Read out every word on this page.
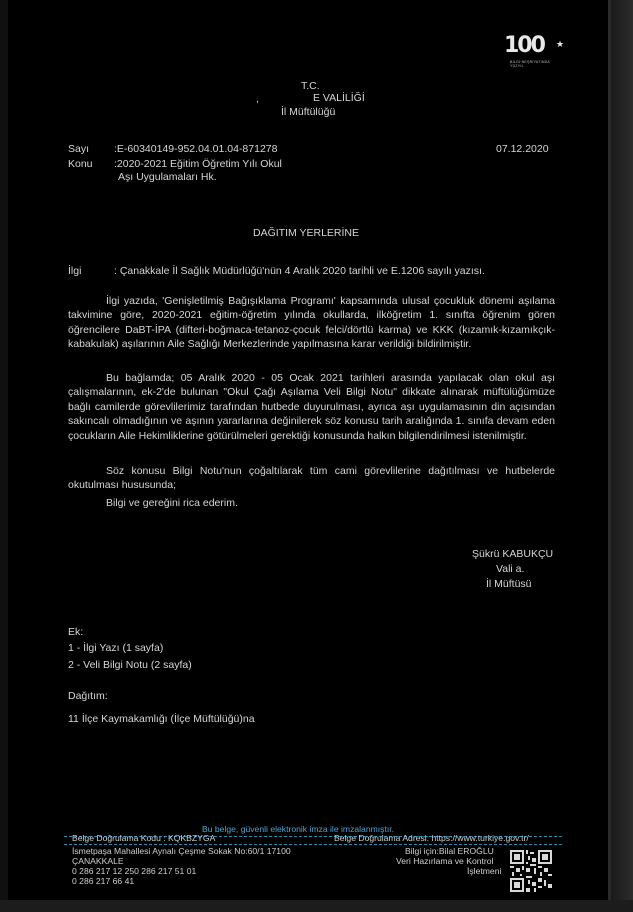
100 ★
BİLGİ·NEŞRİYATINDA YÜZYIL
T.C.
,	E VALİLİĞİ
İl Müftülüğü
Sayı :E-60340149-952.04.01.04-871278	07.12.2020
Konu :2020-2021 Eğitim Öğretim Yılı Okul
Aşı Uygulamaları Hk.
DAĞITIM YERLERİNE
İlgi	: Çanakkale İl Sağlık Müdürlüğü'nün 4 Aralık 2020 tarihli ve E.1206 sayılı yazısı.
İlgi yazıda, 'Genişletilmiş Bağışıklama Programı' kapsamında ulusal çocukluk dönemi aşılama takvimine göre, 2020-2021 eğitim-öğretim yılında okullarda, ilköğretim 1. sınıfta öğrenim gören öğrencilere DaBT-İPA (difteri-boğmaca-tetanoz-çocuk felci/dörtlü karma) ve KKK (kızamık-kızamıkçık-kabakulak) aşılarının Aile Sağlığı Merkezlerinde yapılmasına karar verildiği bildirilmiştir.
Bu bağlamda; 05 Aralık 2020 - 05 Ocak 2021 tarihleri arasında yapılacak olan okul aşı çalışmalarının, ek-2'de bulunan "Okul Çağı Aşılama Veli Bilgi Notu" dikkate alınarak müftülüğümüze bağlı camilerde görevlilerimiz tarafından hutbede duyurulması, ayrıca aşı uygulamasının din açısından sakıncalı olmadığının ve aşının yararlarına değinilerek söz konusu tarih aralığında 1. sınıfa devam eden çocukların Aile Hekimliklerine götürülmeleri gerektiği konusunda halkın bilgilendirilmesi istenilmiştir.
Söz konusu Bilgi Notu'nun çoğaltılarak tüm cami görevlilerine dağıtılması ve hutbelerde okutulması hususunda;
Bilgi ve gereğini rica ederim.
Şükrü KABUKÇU
Vali a.
İl Müftüsü
Ek:
1 - İlgi Yazı (1 sayfa)
2 - Veli Bilgi Notu (2 sayfa)
Dağıtım:
11 İlçe Kaymakamlığı (İlçe Müftülüğü)na
Bu belge, güvenli elektronik imza ile imzalanmıştır.
Belge Doğrulama Kodu : KQKBZYGA	Belge Doğrulama Adresi: https://www.turkiye.gov.tr/
İsmetpaşa Mahallesi Aynalı Çeşme Sokak No:60/1 17100
ÇANAKKALE
0 286 217 12 250 286 217 51 01
0 286 217 66 41
Bilgi için:Bilal EROĞLU
Veri Hazırlama ve Kontrol
İşletmeni
